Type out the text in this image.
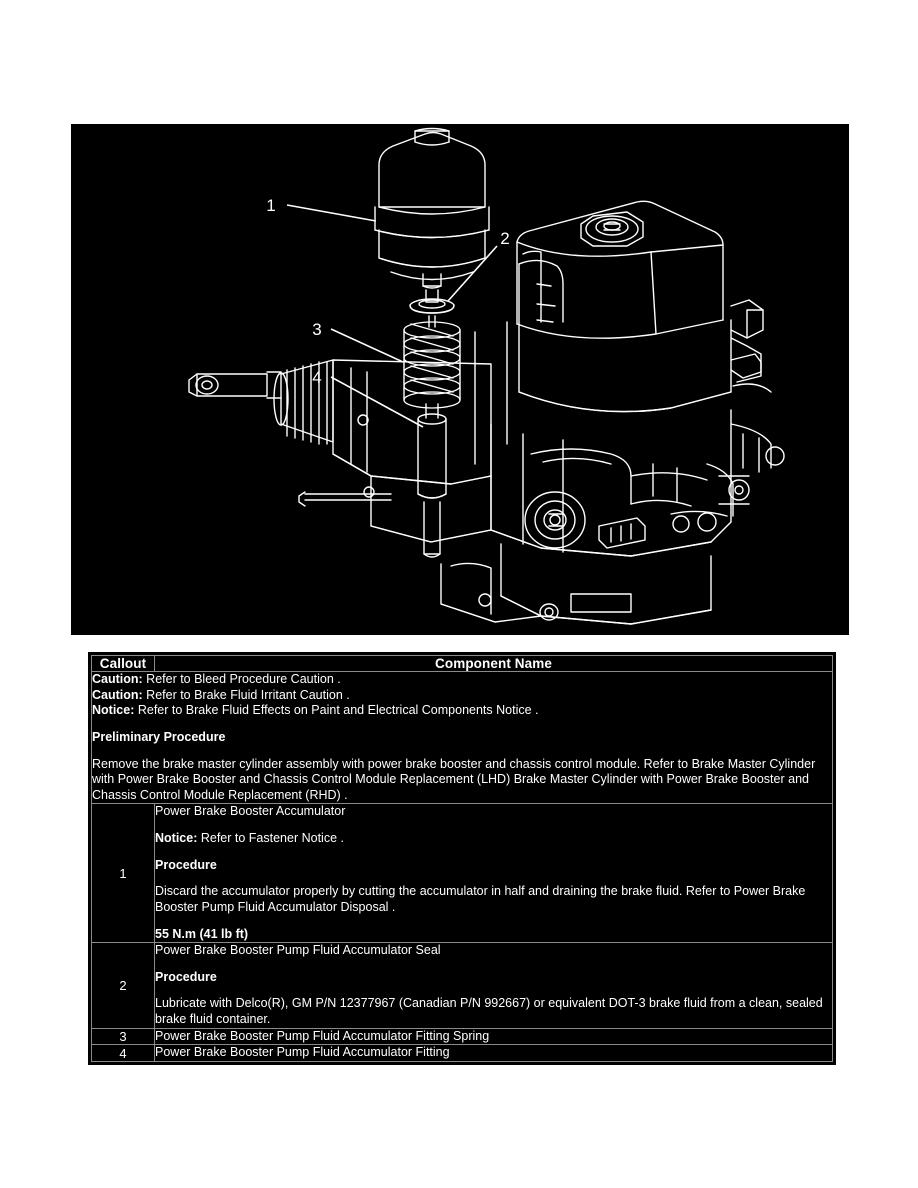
1
2
3
4
Callout	Component Name

Caution: Refer to Bleed Procedure Caution .
Caution: Refer to Brake Fluid Irritant Caution .
Notice: Refer to Brake Fluid Effects on Paint and Electrical Components Notice .
Preliminary Procedure
Remove the brake master cylinder assembly with power brake booster and chassis control module. Refer to Brake Master Cylinder with Power Brake Booster and Chassis Control Module Replacement (LHD) Brake Master Cylinder with Power Brake Booster and Chassis Control Module Replacement (RHD) .	

1	Power Brake Booster Accumulator
Notice: Refer to Fastener Notice .
Procedure
Discard the accumulator properly by cutting the accumulator in half and draining the brake fluid. Refer to Power Brake Booster Pump Fluid Accumulator Disposal .
55 N.m (41 lb ft)

2	Power Brake Booster Pump Fluid Accumulator Seal
Procedure
Lubricate with Delco(R), GM P/N 12377967 (Canadian P/N 992667) or equivalent DOT-3 brake fluid from a clean, sealed brake fluid container.

3	Power Brake Booster Pump Fluid Accumulator Fitting Spring
4	Power Brake Booster Pump Fluid Accumulator Fitting
